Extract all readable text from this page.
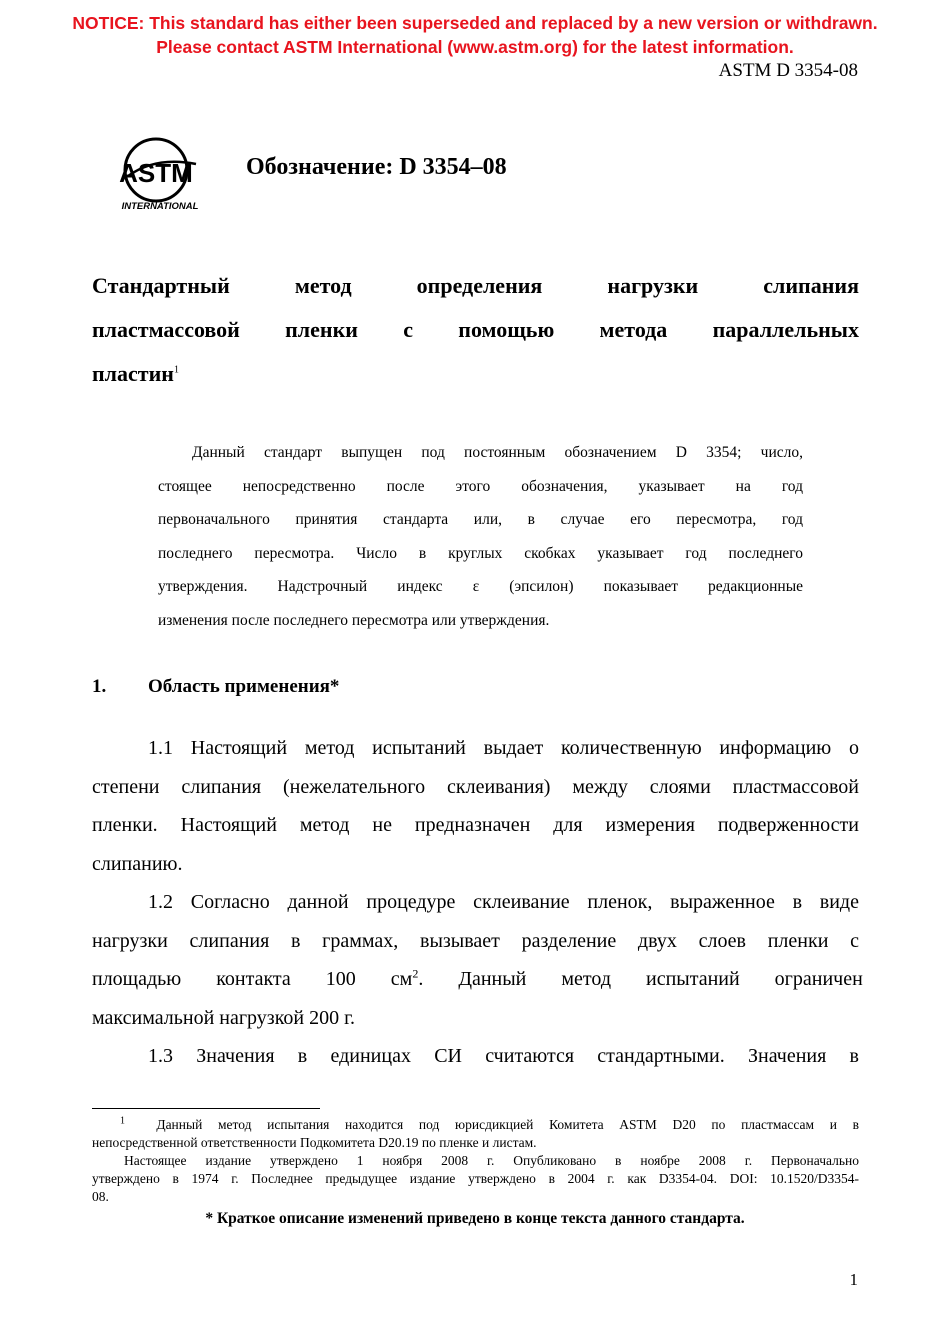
NOTICE: This standard has either been superseded and replaced by a new version or withdrawn.
Please contact ASTM International (www.astm.org) for the latest information.
ASTM D 3354-08
ASTM
INTERNATIONAL
Обозначение: D 3354–08
Стандартный метод определения нагрузки слипания
пластмассовой пленки с помощью метода параллельных
пластин$^1$
Данный стандарт выпущен под постоянным обозначением D 3354; число,
стоящее непосредственно после этого обозначения, указывает на год
первоначального принятия стандарта или, в случае его пересмотра, год
последнего пересмотра. Число в круглых скобках указывает год последнего
утверждения. Надстрочный индекс ε (эпсилон) показывает редакционные
изменения после последнего пересмотра или утверждения.
1. Область применения*
1.1 Настоящий метод испытаний выдает количественную информацию о
степени слипания (нежелательного склеивания) между слоями пластмассовой
пленки. Настоящий метод не предназначен для измерения подверженности
слипанию.
1.2 Согласно данной процедуре склеивание пленок, выраженное в виде
нагрузки слипания в граммах, вызывает разделение двух слоев пленки с
площадью контакта 100 $см^2$. Данный метод испытаний ограничен
максимальной нагрузкой 200 г.
1.3 Значения в единицах СИ считаются стандартными. Значения в
$^1$ Данный метод испытания находится под юрисдикцией Комитета ASTM D20 по пластмассам и в
непосредственной ответственности Подкомитета D20.19 по пленке и листам.
Настоящее издание утверждено 1 ноября 2008 г. Опубликовано в ноябре 2008 г. Первоначально
утверждено в 1974 г. Последнее предыдущее издание утверждено в 2004 г. как D3354-04. DOI: 10.1520/D3354-
08.
* Краткое описание изменений приведено в конце текста данного стандарта.
1
